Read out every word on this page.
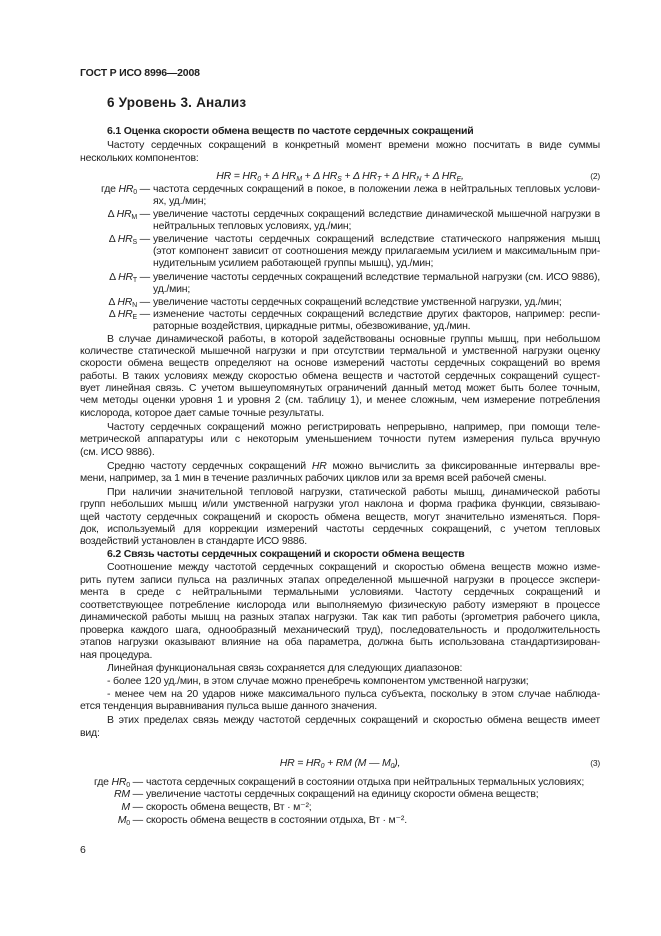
ГОСТ Р ИСО 8996—2008
6 Уровень 3. Анализ
6.1 Оценка скорости обмена веществ по частоте сердечных сокращений
Частоту сердечных сокращений в конкретный момент времени можно посчитать в виде суммы
нескольких компонентов:
HR = $HR_0 + \Delta$ $HR_M + \Delta$ $HR_S + \Delta$ $HR_T + \Delta$ $HR_N + \Delta$ $HR_E$,	(2)
где $HR_0$ — частота сердечных сокращений в покое, в положении лежа в нейтральных тепловых услови-
ях, уд./мин;
Δ $HR_M$ — увеличение частоты сердечных сокращений вследствие динамической мышечной нагрузки в
нейтральных тепловых условиях, уд./мин;
Δ $HR_S$ — увеличение частоты сердечных сокращений вследствие статического напряжения мышц
(этот компонент зависит от соотношения между прилагаемым усилием и максимальным при-
нудительным усилием работающей группы мышц), уд./мин;
Δ $HR_T$ — увеличение частоты сердечных сокращений вследствие термальной нагрузки (см. ИСО 9886),
уд./мин;
Δ $HR_N$ — увеличение частоты сердечных сокращений вследствие умственной нагрузки, уд./мин;
Δ $HR_E$ — изменение частоты сердечных сокращений вследствие других факторов, например: респи-
раторные воздействия, циркадные ритмы, обезвоживание, уд./мин.
В случае динамической работы, в которой задействованы основные группы мышц, при небольшом
количестве статической мышечной нагрузки и при отсутствии термальной и умственной нагрузки оценку
скорости обмена веществ определяют на основе измерений частоты сердечных сокращений во время
работы. В таких условиях между скоростью обмена веществ и частотой сердечных сокращений сущест-
вует линейная связь. С учетом вышеупомянутых ограничений данный метод может быть более точным,
чем методы оценки уровня 1 и уровня 2 (см. таблицу 1), и менее сложным, чем измерение потребления
кислорода, которое дает самые точные результаты.
Частоту сердечных сокращений можно регистрировать непрерывно, например, при помощи теле-
метрической аппаратуры или с некоторым уменьшением точности путем измерения пульса вручную
(см. ИСО 9886).
Средню частоту сердечных сокращений HR можно вычислить за фиксированные интервалы вре-
мени, например, за 1 мин в течение различных рабочих циклов или за время всей рабочей смены.
При наличии значительной тепловой нагрузки, статической работы мышц, динамической работы
групп небольших мышц и/или умственной нагрузки угол наклона и форма графика функции, связываю-
щей частоту сердечных сокращений и скорость обмена веществ, могут значительно изменяться. Поря-
док, используемый для коррекции измерений частоты сердечных сокращений, с учетом тепловых
воздействий установлен в стандарте ИСО 9886.
6.2 Связь частоты сердечных сокращений и скорости обмена веществ
Соотношение между частотой сердечных сокращений и скоростью обмена веществ можно изме-
рить путем записи пульса на различных этапах определенной мышечной нагрузки в процессе экспери-
мента в среде с нейтральными термальными условиями. Частоту сердечных сокращений и
соответствующее потребление кислорода или выполняемую физическую работу измеряют в процессе
динамической работы мышц на разных этапах нагрузки. Так как тип работы (эргометрия рабочего цикла,
проверка каждого шага, однообразный механический труд), последовательность и продолжительность
этапов нагрузки оказывают влияние на оба параметра, должна быть использована стандартизирован-
ная процедура.
Линейная функциональная связь сохраняется для следующих диапазонов:
- более 120 уд./мин, в этом случае можно пренебречь компонентом умственной нагрузки;
- менее чем на 20 ударов ниже максимального пульса субъекта, поскольку в этом случае наблюда-
ется тенденция выравнивания пульса выше данного значения.
В этих пределах связь между частотой сердечных сокращений и скоростью обмена веществ имеет
вид:
HR = $HR_0$ + RM (M — $M_0$),	(3)
где $HR_0$ — частота сердечных сокращений в состоянии отдыха при нейтральных термальных условиях;
RM — увеличение частоты сердечных сокращений на единицу скорости обмена веществ;
M — скорость обмена веществ, Вт · м⁻²;
$M_0$ — скорость обмена веществ в состоянии отдыха, Вт · м⁻².
6
